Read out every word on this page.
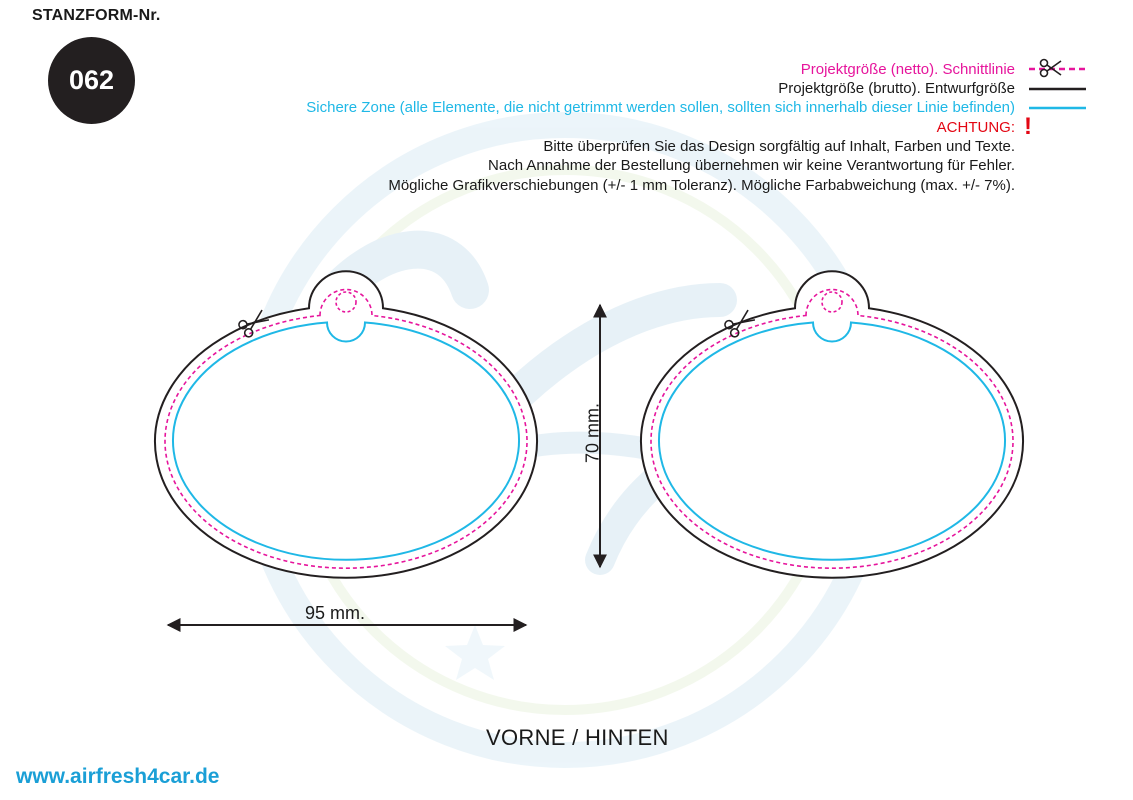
STANZFORM-Nr.
062	Projektgröße (netto). Schnittlinie
Projektgröße (brutto). Entwurfgröße
Sichere Zone (alle Elemente, die nicht getrimmt werden sollen, sollten sich innerhalb dieser Linie befinden)
ACHTUNG:
Bitte überprüfen Sie das Design sorgfältig auf Inhalt, Farben und Texte.
Nach Annahme der Bestellung übernehmen wir keine Verantwortung für Fehler.
Mögliche Grafikverschiebungen (+/- 1 mm Toleranz). Mögliche Farbabweichung (max. +/- 7%).
!
95 mm.
70 mm.
VORNE / HINTEN
www.airfresh4car.de
